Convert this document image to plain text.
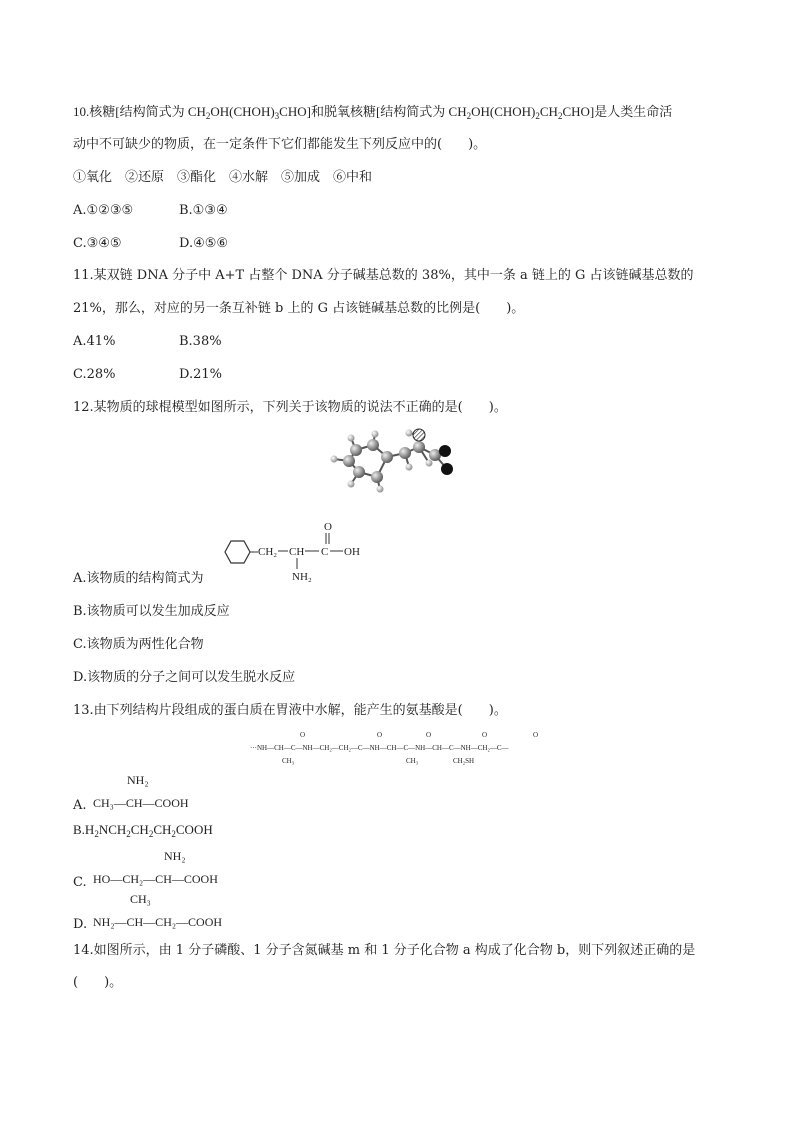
10.核糖[结构简式为 $CH_2OH(CHOH)_3CHO$]和脱氧核糖[结构简式为 $CH_2OH(CHOH)_2CH_2CHO$]是人类生命活
动中不可缺少的物质，在一定条件下它们都能发生下列反应中的(　　)。
①氧化　②还原　③酯化　④水解　⑤加成　⑥中和
A.①②③⑤	B.①③④
C.③④⑤	D.④⑤⑥
11.某双链 DNA 分子中 A+T 占整个 DNA 分子碱基总数的 38%，其中一条 a 链上的 G 占该链碱基总数的
21%，那么，对应的另一条互补链 b 上的 G 占该链碱基总数的比例是(　　)。
A.41%	B.38%
C.28%	D.21%
12.某物质的球棍模型如图所示，下列关于该物质的说法不正确的是(　　)。
A.该物质的结构简式为
CH₂ CH C OH
O
NH₂
B.该物质可以发生加成反应
C.该物质为两性化合物
D.该物质的分子之间可以发生脱水反应
13.由下列结构片段组成的蛋白质在胃液中水解，能产生的氨基酸是(　　)。
···NH—CH—C—NH—CH₂—CH₂—C—NH—CH—C—NH—CH—C—NH—CH₂—C—
O	O	O	O	O
CH₃	CH₃	CH₂SH
A.
NH₂
CH₃—CH—COOH
$B.H_2NCH_2CH_2CH_2COOH$
C.
NH₂
HO—CH₂—CH—COOH
D.
CH₃
NH₂—CH—CH₂—COOH
14.如图所示，由 1 分子磷酸、1 分子含氮碱基 m 和 1 分子化合物 a 构成了化合物 b，则下列叙述正确的是
(　　)。
